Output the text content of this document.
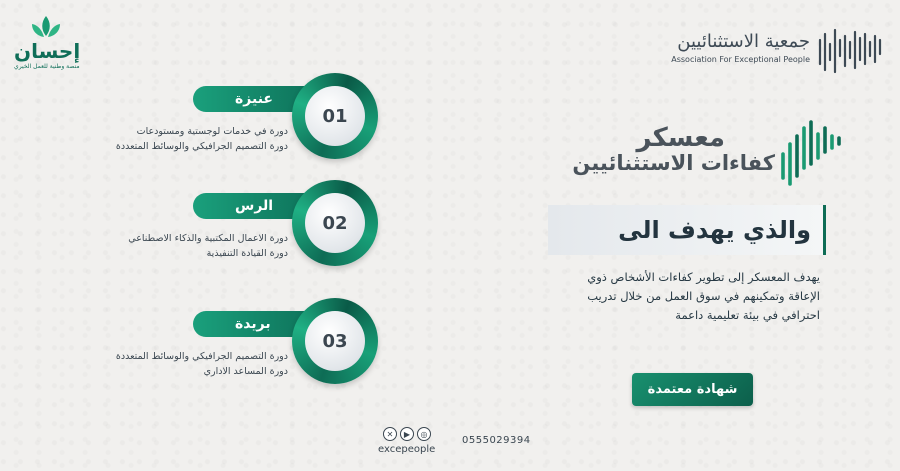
إحسان
منصة وطنية للعمل الخيري
جمعية الاستثنائيين
Association For Exceptional People
معسكر
كفاءات الاستثنائيين
والذي يهدف الى
يهدف المعسكر إلى تطوير كفاءات الأشخاص ذوي الإعاقة وتمكينهم في سوق العمل من خلال تدريب احترافي في بيئة تعليمية داعمة
شهادة معتمدة
عنيزة
01
دورة في خدمات لوجستية ومستودعات
دورة التصميم الجرافيكي والوسائط المتعددة
الرس
02
دورة الاعمال المكتبية والذكاء الاصطناعي
دورة القيادة التنفيذية
بريدة
03
دورة التصميم الجرافيكي والوسائط المتعددة
دورة المساعد الاداري
✕	▶	◎
excepeople
0555029394
